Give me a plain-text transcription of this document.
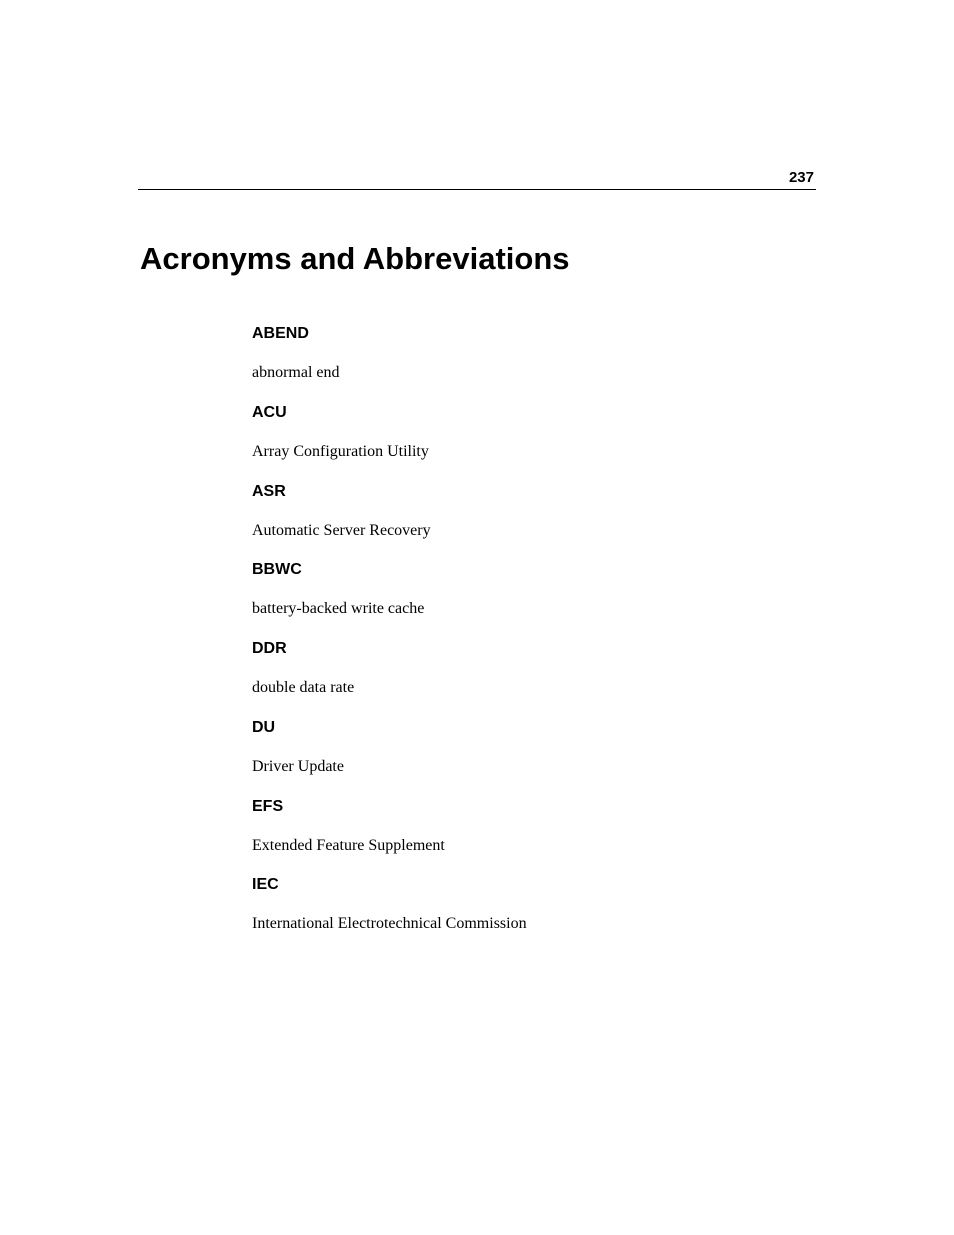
237
Acronyms and Abbreviations
ABEND
abnormal end
ACU
Array Configuration Utility
ASR
Automatic Server Recovery
BBWC
battery-backed write cache
DDR
double data rate
DU
Driver Update
EFS
Extended Feature Supplement
IEC
International Electrotechnical Commission
